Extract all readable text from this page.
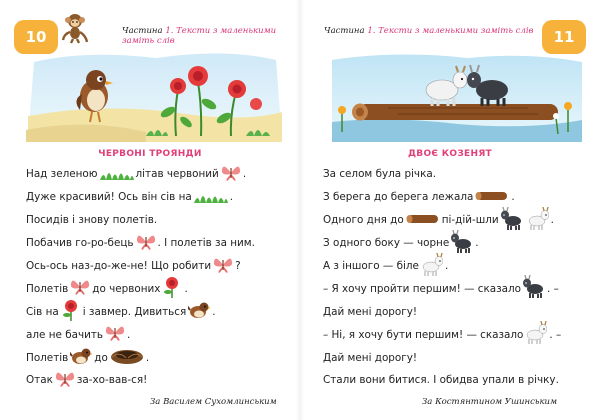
10	Частина 1. Тексти з маленькими заміть слів
ЧЕРВОНІ ТРОЯНДИ
Над зеленою	літав червоний .
Дуже красивий! Ось він сів на	.
Посидів і знову полетів.
Побачив го-ро-бець . І полетів за ним.
Ось-ось наз-до-же-не! Що робити ?
Полетів до червоних .
Сів на і завмер. Дивиться	.
але не бачить .
Полетів	до	.
Отак за-хо-вав-ся!
За Василем Сухомлинським
Частина 1. Тексти з маленькими заміть слів 11
ДВОЄ КОЗЕНЯТ
За селом була річка.
З берега до берега лежала	.
Одного дня до	пі-дій-шли	.
З одного боку — чорне	.
А з іншого — біле	.
– Я хочу пройти першим! — сказало	. –
Дай мені дорогу!
– Ні, я хочу бути першим! — сказало	. –
Дай мені дорогу!
Стали вони битися. І обидва упали в річку.
За Костянтином Ушинським
